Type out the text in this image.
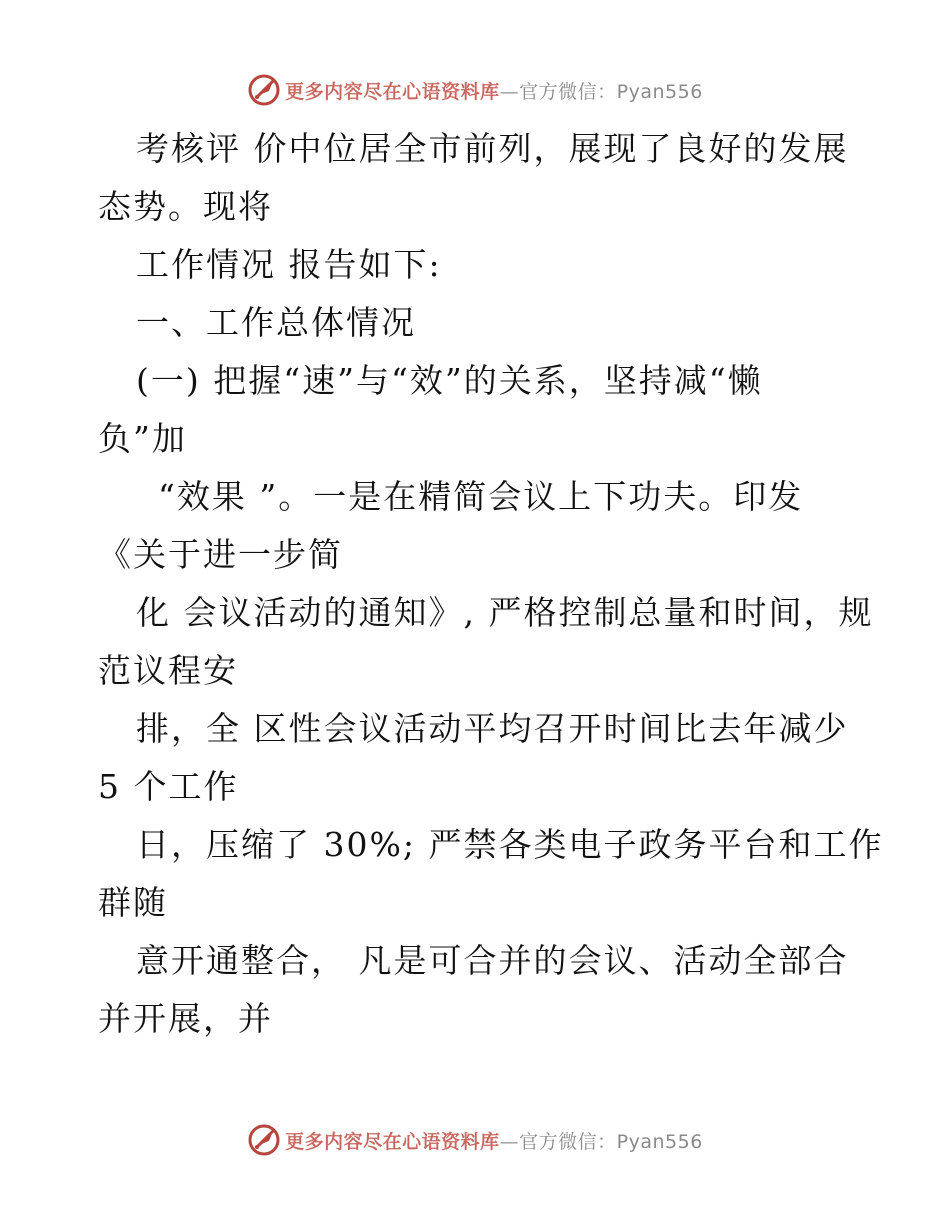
更多内容尽在心语资料库—官方微信：Pyan556
考核评 价中位居全市前列，展现了良好的发展
态势。现将
工作情况 报告如下:
一、工作总体情况
(一) 把握“速”与“效”的关系，坚持减“懒
负”加
“效果 ”。一是在精简会议上下功夫。印发
《关于进一步简
化 会议活动的通知》, 严格控制总量和时间，规
范议程安
排，全 区性会议活动平均召开时间比去年减少
5 个工作
日，压缩了 30%; 严禁各类电子政务平台和工作
群随
意开通整合， 凡是可合并的会议、活动全部合
并开展，并
更多内容尽在心语资料库—官方微信：Pyan556
